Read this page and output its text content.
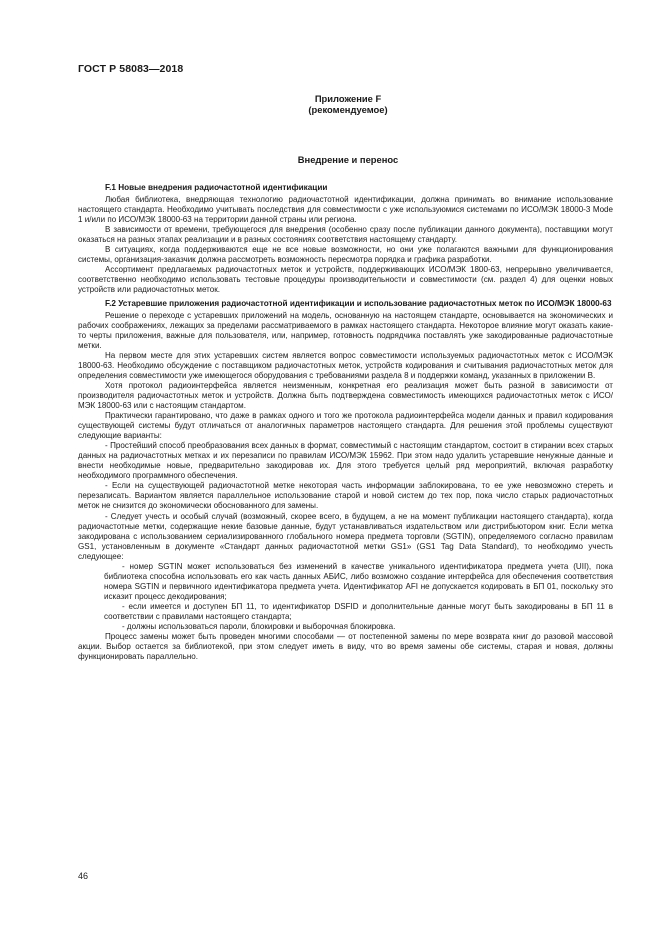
ГОСТ Р 58083—2018
Приложение F
(рекомендуемое)
Внедрение и перенос
F.1 Новые внедрения радиочастотной идентификации

Любая библиотека, внедряющая технологию радиочастотной идентификации, должна принимать во внимание использование настоящего стандарта. Необходимо учитывать последствия для совместимости с уже используюмися системами по ИСО/МЭК 18000-3 Mode 1 и/или по ИСО/МЭК 18000-63 на территории данной страны или региона.

В зависимости от времени, требующегося для внедрения (особенно сразу после публикации данного документа), поставщики могут оказаться на разных этапах реализации и в разных состояниях соответствия настоящему стандарту.

В ситуациях, когда поддерживаются еще не все новые возможности, но они уже полагаются важными для функционирования системы, организация-заказчик должна рассмотреть возможность пересмотра порядка и графика разработки.

Ассортимент предлагаемых радиочастотных меток и устройств, поддерживающих ИСО/МЭК 1800-63, непрерывно увеличивается, соответственно необходимо использовать тестовые процедуры производительности и совместимости (см. раздел 4) для оценки новых устройств или радиочастотных меток.

F.2 Устаревшие приложения радиочастотной идентификации и использование радиочастотных меток по ИСО/МЭК 18000-63

Решение о переходе с устаревших приложений на модель, основанную на настоящем стандарте, основывается на экономических и рабочих соображениях, лежащих за пределами рассматриваемого в рамках настоящего стандарта. Некоторое влияние могут оказать какие-то черты приложения, важные для пользователя, или, например, готовность подрядчика поставлять уже закодированные радиочастотные метки.

На первом месте для этих устаревших систем является вопрос совместимости используемых радиочастотных меток с ИСО/МЭК 18000-63. Необходимо обсуждение с поставщиком радиочастотных меток, устройств кодирования и считывания радиочастотных меток для определения совместимости уже имеющегося оборудования с требованиями раздела 8 и поддержки команд, указанных в приложении В.

Хотя протокол радиоинтерфейса является неизменным, конкретная его реализация может быть разной в зависимости от производителя радиочастотных меток и устройств. Должна быть подтверждена совместимость имеющихся радиочастотных меток с ИСО/МЭК 18000-63 или с настоящим стандартом.

Практически гарантировано, что даже в рамках одного и того же протокола радиоинтерфейса модели данных и правил кодирования существующей системы будут отличаться от аналогичных параметров настоящего стандарта. Для решения этой проблемы существуют следующие варианты:

- Простейший способ преобразования всех данных в формат, совместимый с настоящим стандартом, состоит в стирании всех старых данных на радиочастотных метках и их перезаписи по правилам ИСО/МЭК 15962. При этом надо удалить устаревшие ненужные данные и внести необходимые новые, предварительно закодировав их. Для этого требуется целый ряд мероприятий, включая разработку необходимого программного обеспечения.

- Если на существующей радиочастотной метке некоторая часть информации заблокирована, то ее уже невозможно стереть и перезаписать. Вариантом является параллельное использование старой и новой систем до тех пор, пока число старых радиочастотных меток не снизится до экономически обоснованного для замены.

- Следует учесть и особый случай (возможный, скорее всего, в будущем, а не на момент публикации настоящего стандарта), когда радиочастотные метки, содержащие некие базовые данные, будут устанавливаться издательством или дистрибьютором книг. Если метка закодирована с использованием сериализированного глобального номера предмета торговли (SGTIN), определяемого согласно правилам GS1, установленным в документе «Стандарт данных радиочастотной метки GS1» (GS1 Tag Data Standard), то необходимо учесть следующее:

- номер SGTIN может использоваться без изменений в качестве уникального идентификатора предмета учета (UII), пока библиотека способна использовать его как часть данных АБИС, либо возможно создание интерфейса для обеспечения соответствия номера SGTIN и первичного идентификатора предмета учета. Идентификатор AFI не допускается кодировать в БП 01, поскольку это исказит процесс декодирования;

- если имеется и доступен БП 11, то идентификатор DSFID и дополнительные данные могут быть закодированы в БП 11 в соответствии с правилами настоящего стандарта;

- должны использоваться пароли, блокировки и выборочная блокировка.

Процесс замены может быть проведен многими способами — от постепенной замены по мере возврата книг до разовой массовой акции. Выбор остается за библиотекой, при этом следует иметь в виду, что во время замены обе системы, старая и новая, должны функционировать параллельно.

46
